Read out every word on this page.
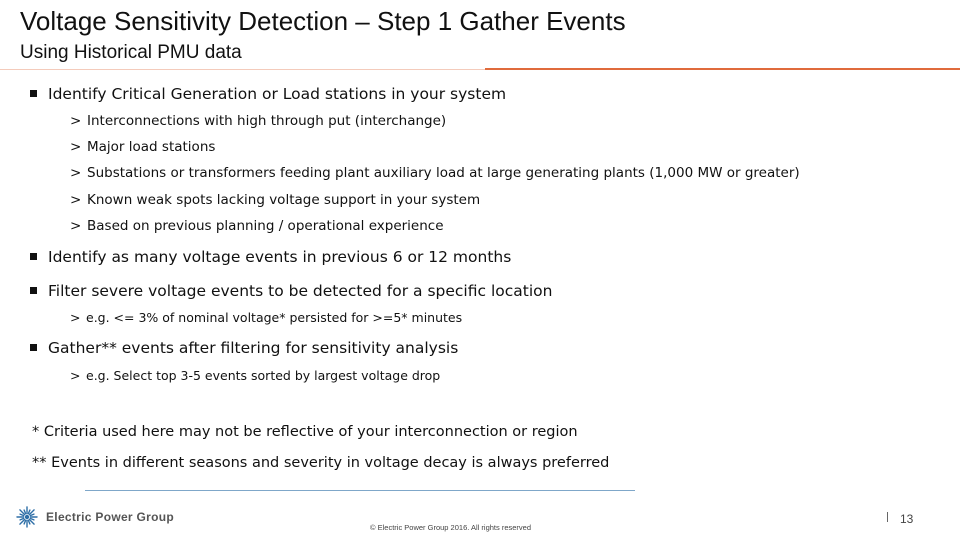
Voltage Sensitivity Detection – Step 1 Gather Events
Using Historical PMU data
Identify Critical Generation or Load stations in your system
> Interconnections with high through put (interchange)
> Major load stations
> Substations or transformers feeding plant auxiliary load at large generating plants (1,000 MW or greater)
> Known weak spots lacking voltage support in your system
> Based on previous planning / operational experience
Identify as many voltage events in previous 6 or 12 months
Filter severe voltage events to be detected for a specific location
> e.g. <= 3% of nominal voltage* persisted for >=5* minutes
Gather** events after filtering for sensitivity analysis
> e.g. Select top 3-5 events sorted by largest voltage drop
* Criteria used here may not be reflective of your interconnection or region
** Events in different seasons and severity in voltage decay is always preferred
Electric Power Group
© Electric Power Group 2016. All rights reserved
13
